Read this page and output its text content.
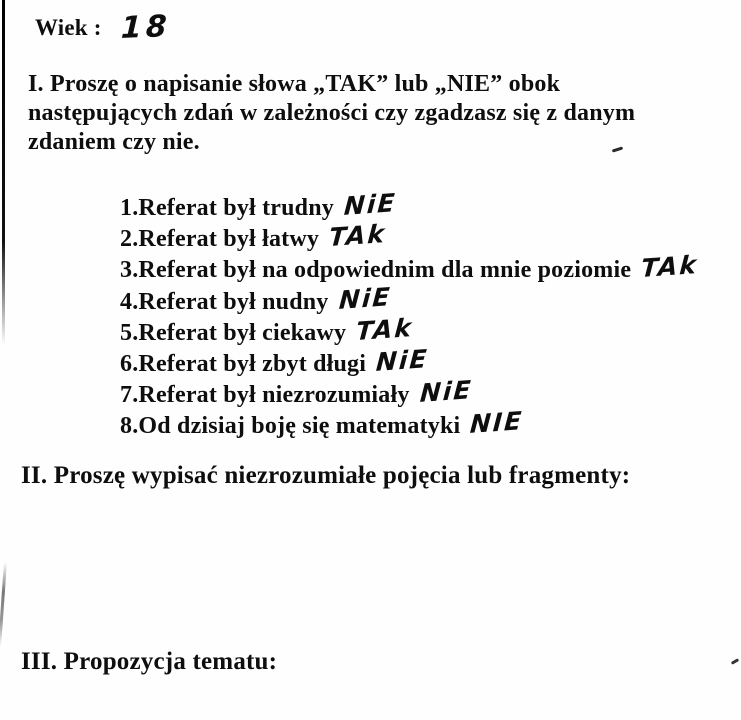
Wiek : 18
I. Proszę o napisanie słowa „TAK” lub „NIE” obok
następujących zdań w zależności czy zgadzasz się z danym
zdaniem czy nie.
1.Referat był trudny NiE
2.Referat był łatwy TAk
3.Referat był na odpowiednim dla mnie poziomie TAk
4.Referat był nudny NiE
5.Referat był ciekawy TAk
6.Referat był zbyt długi NiE
7.Referat był niezrozumiały NiE
8.Od dzisiaj boję się matematyki NIE
II. Proszę wypisać niezrozumiałe pojęcia lub fragmenty:
III. Propozycja tematu:
